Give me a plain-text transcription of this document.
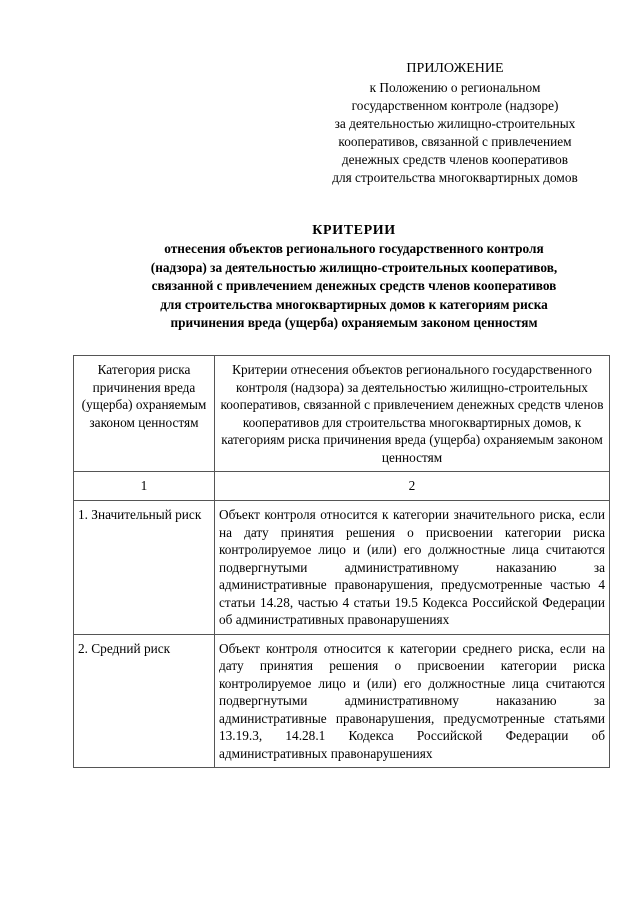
ПРИЛОЖЕНИЕ
к Положению о региональном
государственном контроле (надзоре)
за деятельностью жилищно-строительных
кооперативов, связанной с привлечением
денежных средств членов кооперативов
для строительства многоквартирных домов
КРИТЕРИИ
отнесения объектов регионального государственного контроля
(надзора) за деятельностью жилищно-строительных кооперативов,
связанной с привлечением денежных средств членов кооперативов
для строительства многоквартирных домов к категориям риска
причинения вреда (ущерба) охраняемым законом ценностям
Категория риска причинения вреда (ущерба) охраняемым законом ценностям	Критерии отнесения объектов регионального государственного контроля (надзора) за деятельностью жилищно-строительных кооперативов, связанной с привлечением денежных средств членов кооперативов для строительства многоквартирных домов, к категориям риска причинения вреда (ущерба) охраняемым законом ценностям
1	2
1. Значительный риск	Объект контроля относится к категории значительного риска, если на дату принятия решения о присвоении категории риска контролируемое лицо и (или) его должностные лица считаются подвергнутыми административному наказанию за административные правонарушения, предусмотренные частью 4 статьи 14.28, частью 4 статьи 19.5 Кодекса Российской Федерации об административных правонарушениях
2. Средний риск	Объект контроля относится к категории среднего риска, если на дату принятия решения о присвоении категории риска контролируемое лицо и (или) его должностные лица считаются подвергнутыми административному наказанию за административные правонарушения, предусмотренные статьями 13.19.3, 14.28.1 Кодекса Российской Федерации об административных правонарушениях
